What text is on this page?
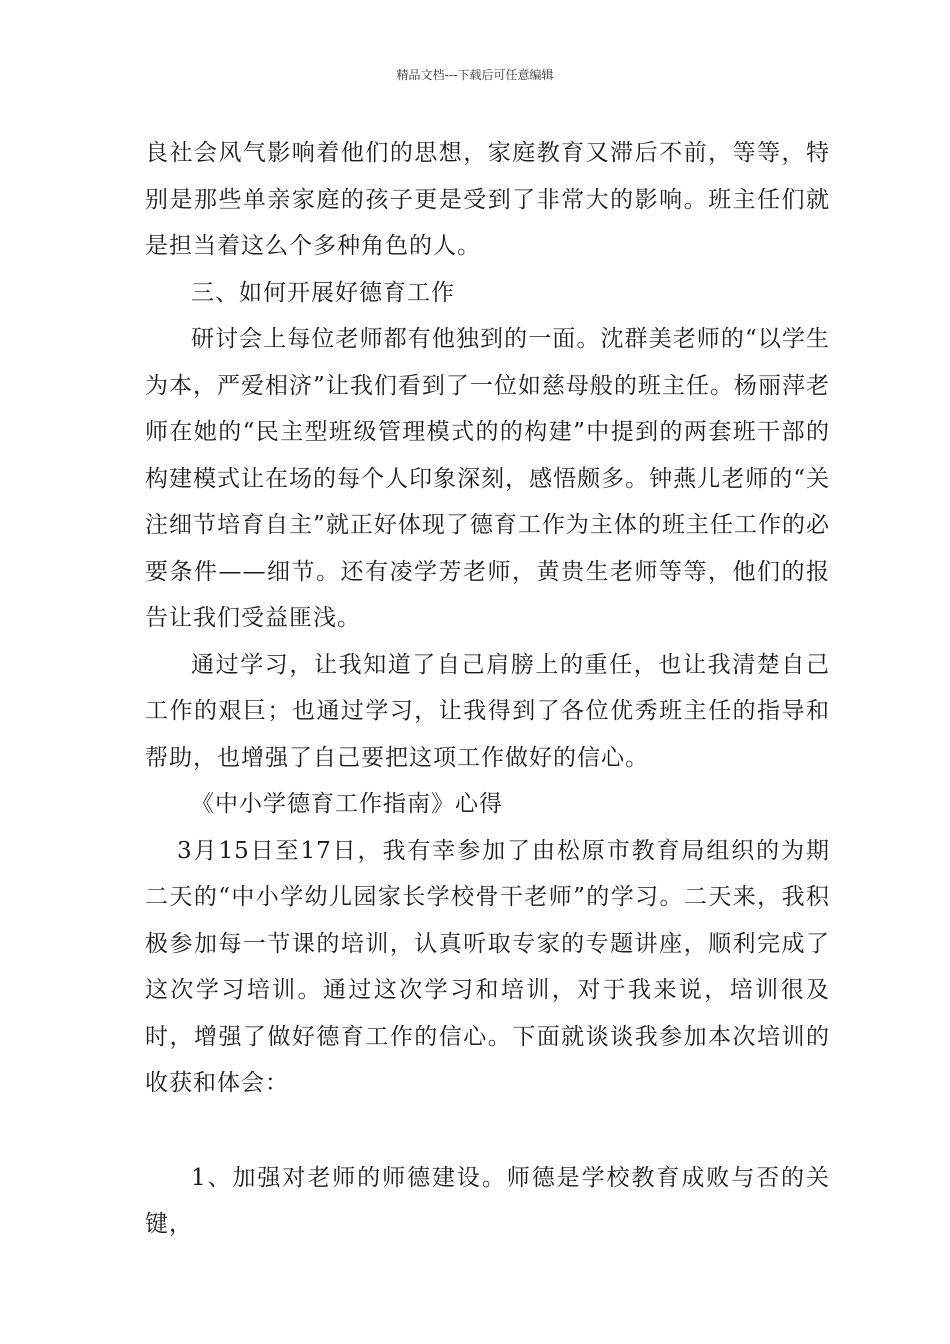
精品文档---下载后可任意编辑

良社会风气影响着他们的思想，家庭教育又滞后不前，等等，特别是那些单亲家庭的孩子更是受到了非常大的影响。班主任们就是担当着这么个多种角色的人。

三、如何开展好德育工作

研讨会上每位老师都有他独到的一面。沈群美老师的“以学生为本，严爱相济”让我们看到了一位如慈母般的班主任。杨丽萍老师在她的“民主型班级管理模式的的构建”中提到的两套班干部的构建模式让在场的每个人印象深刻，感悟颇多。钟燕儿老师的“关注细节培育自主”就正好体现了德育工作为主体的班主任工作的必要条件——细节。还有凌学芳老师，黄贵生老师等等，他们的报告让我们受益匪浅。

通过学习，让我知道了自己肩膀上的重任，也让我清楚自己工作的艰巨；也通过学习，让我得到了各位优秀班主任的指导和帮助，也增强了自己要把这项工作做好的信心。

《中小学德育工作指南》心得

3月15日至17日，我有幸参加了由松原市教育局组织的为期二天的“中小学幼儿园家长学校骨干老师”的学习。二天来，我积极参加每一节课的培训，认真听取专家的专题讲座，顺利完成了这次学习培训。通过这次学习和培训，对于我来说，培训很及时，增强了做好德育工作的信心。下面就谈谈我参加本次培训的收获和体会：

1、加强对老师的师德建设。师德是学校教育成败与否的关键，
